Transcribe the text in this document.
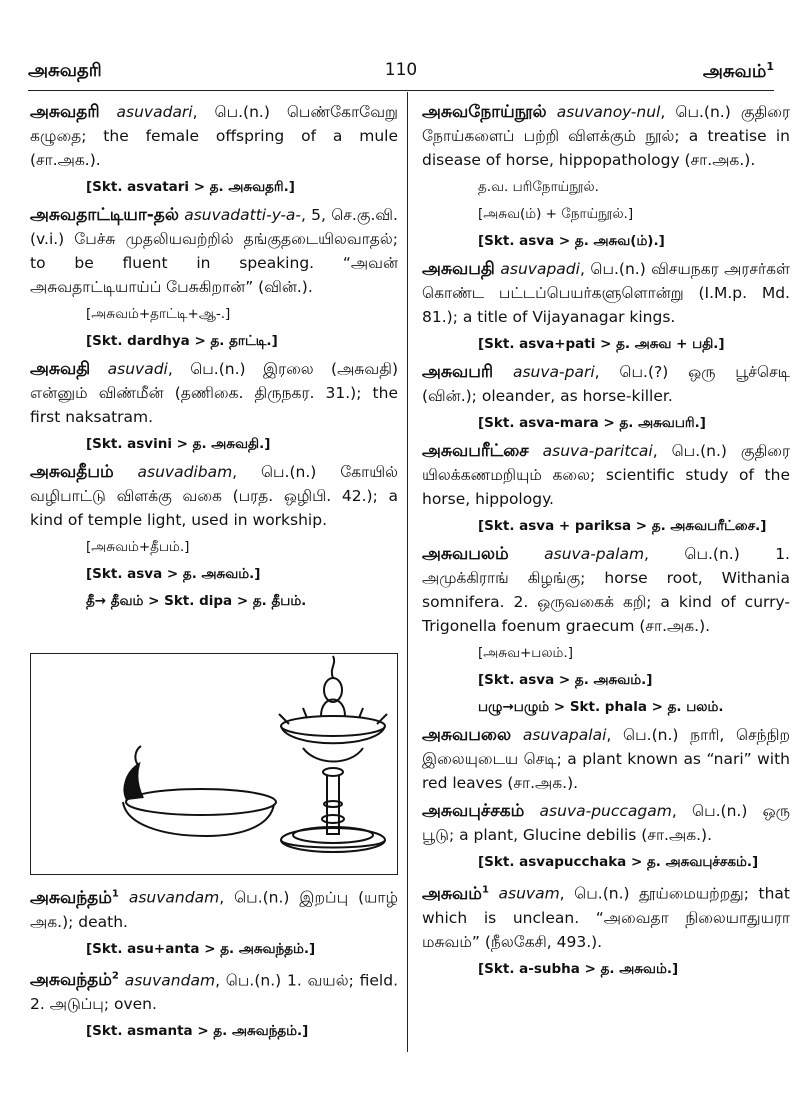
அசுவதரி	110	அசுவம்$^1$
அசுவதரி asuvadari, பெ.(n.) பெண்கோவேறு கழுதை; the female offspring of a mule (சா.அக.).
[Skt. asvatari > த. அசுவதரி.]
அசுவதாட்டியா-தல் asuvadatti-y-a-, 5, செ.கு.வி. (v.i.) பேச்சு முதலியவற்றில் தங்குதடையிலவாதல்; to be fluent in speaking. “அவன் அசுவதாட்டியாய்ப் பேசுகிறான்” (வின்.).
[அசுவம்+தாட்டி+ஆ-.]
[Skt. dardhya > த. தாட்டி.]
அசுவதி asuvadi, பெ.(n.) இரலை (அசுவதி) என்னும் விண்மீன் (தணிகை. திருநகர. 31.); the first naksatram.
[Skt. asvini > த. அசுவதி.]
அசுவதீபம் asuvadibam, பெ.(n.) கோயில் வழிபாட்டு விளக்கு வகை (பரத. ஒழிபி. 42.); a kind of temple light, used in workship.
[அசுவம்+தீபம்.]
[Skt. asva > த. அசுவம்.]
தீ→ தீவம் > Skt. dipa > த. தீபம்.
அசுவந்தம்$^1$ asuvandam, பெ.(n.) இறப்பு (யாழ் அக.); death.
[Skt. asu+anta > த. அசுவந்தம்.]
அசுவந்தம்$^2$ asuvandam, பெ.(n.) 1. வயல்; field. 2. அடுப்பு; oven.
[Skt. asmanta > த. அசுவந்தம்.]
அசுவநோய்நூல் asuvanoy-nul, பெ.(n.) குதிரை நோய்களைப் பற்றி விளக்கும் நூல்; a treatise in disease of horse, hippopathology (சா.அக.).
த.வ. பரிநோய்நூல்.
[அசுவ(ம்) + நோய்நூல்.]
[Skt. asva > த. அசுவ(ம்).]
அசுவபதி asuvapadi, பெ.(n.) விசயநகர அரசர்கள் கொண்ட பட்டப்பெயர்களுளொன்று (I.M.p. Md. 81.); a title of Vijayanagar kings.
[Skt. asva+pati > த. அசுவ + பதி.]
அசுவபரி asuva-pari, பெ.(?) ஒரு பூச்செடி (வின்.); oleander, as horse-killer.
[Skt. asva-mara > த. அசுவபரி.]
அசுவபரீட்சை asuva-paritcai, பெ.(n.) குதிரை யிலக்கணமறியும் கலை; scientific study of the horse, hippology.
[Skt. asva + pariksa > த. அசுவபரீட்சை.]
அசுவபலம் asuva-palam, பெ.(n.) 1. அமுக்கிராங் கிழங்கு; horse root, Withania somnifera. 2. ஒருவகைக் கறி; a kind of curry-Trigonella foenum graecum (சா.அக.).
[அசுவ+பலம்.]
[Skt. asva > த. அசுவம்.]
பழு→பழும் > Skt. phala > த. பலம்.
அசுவபலை asuvapalai, பெ.(n.) நாரி, செந்நிற இலையுடைய செடி; a plant known as “nari” with red leaves (சா.அக.).
அசுவபுச்சகம் asuva-puccagam, பெ.(n.) ஒரு பூடு; a plant, Glucine debilis (சா.அக.).
[Skt. asvapucchaka > த. அசுவபுச்சகம்.]
அசுவம்$^1$ asuvam, பெ.(n.) தூய்மையற்றது; that which is unclean. “அவைதா நிலையாதுயரா மசுவம்” (நீலகேசி, 493.).
[Skt. a-subha > த. அசுவம்.]
